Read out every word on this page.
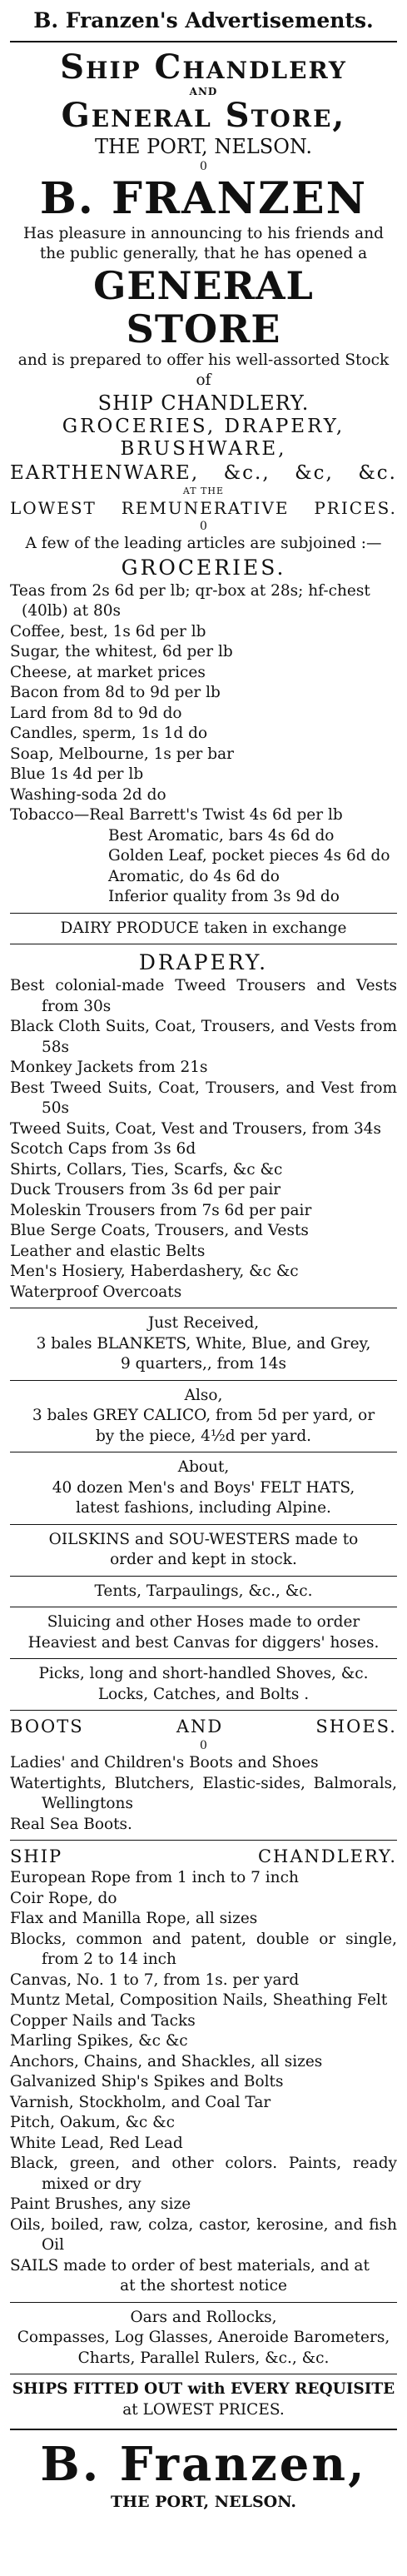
B. Franzen's Advertisements.
Ship Chandlery
AND
General Store,
THE PORT, NELSON.
0
B. FRANZEN
Has pleasure in announcing to his friends and the public generally, that he has opened a
GENERAL STORE
and is prepared to offer his well-assorted Stock of
SHIP CHANDLERY.
GROCERIES, DRAPERY,
BRUSHWARE,
EARTHENWARE, &c., &c, &c.
AT THE
LOWEST REMUNERATIVE PRICES.
0
A few of the leading articles are subjoined :—
GROCERIES.
Teas from 2s 6d per lb; qr-box at 28s; hf-chest
(40lb) at 80s
Coffee, best, 1s 6d per lb
Sugar, the whitest, 6d per lb
Cheese, at market prices
Bacon from 8d to 9d per lb
Lard from 8d to 9d do
Candles, sperm, 1s 1d do
Soap, Melbourne, 1s per bar
Blue 1s 4d per lb
Washing-soda 2d do
Tobacco—Real Barrett's Twist 4s 6d per lb
Best Aromatic, bars 4s 6d do
Golden Leaf, pocket pieces 4s 6d do
Aromatic, do 4s 6d do
Inferior quality from 3s 9d do
DAIRY PRODUCE taken in exchange
DRAPERY.
Best colonial-made Tweed Trousers and Vests from 30s
Black Cloth Suits, Coat, Trousers, and Vests from 58s
Monkey Jackets from 21s
Best Tweed Suits, Coat, Trousers, and Vest from 50s
Tweed Suits, Coat, Vest and Trousers, from 34s
Scotch Caps from 3s 6d
Shirts, Collars, Ties, Scarfs, &c &c
Duck Trousers from 3s 6d per pair
Moleskin Trousers from 7s 6d per pair
Blue Serge Coats, Trousers, and Vests
Leather and elastic Belts
Men's Hosiery, Haberdashery, &c &c
Waterproof Overcoats
Just Received,
3 bales BLANKETS, White, Blue, and Grey,
9 quarters,, from 14s
Also,
3 bales GREY CALICO, from 5d per yard, or
by the piece, 4½d per yard.
About,
40 dozen Men's and Boys' FELT HATS,
latest fashions, including Alpine.
OILSKINS and SOU-WESTERS made to
order and kept in stock.
Tents, Tarpaulings, &c., &c.
Sluicing and other Hoses made to order
Heaviest and best Canvas for diggers' hoses.
Picks, long and short-handled Shoves, &c.
Locks, Catches, and Bolts .
BOOTS	AND	SHOES.
0
Ladies' and Children's Boots and Shoes
Watertights, Blutchers, Elastic-sides, Balmorals, Wellingtons
Real Sea Boots.
SHIP	CHANDLERY.
European Rope from 1 inch to 7 inch
Coir Rope, do
Flax and Manilla Rope, all sizes
Blocks, common and patent, double or single, from 2 to 14 inch
Canvas, No. 1 to 7, from 1s. per yard
Muntz Metal, Composition Nails, Sheathing Felt
Copper Nails and Tacks
Marling Spikes, &c &c
Anchors, Chains, and Shackles, all sizes
Galvanized Ship's Spikes and Bolts
Varnish, Stockholm, and Coal Tar
Pitch, Oakum, &c &c
White Lead, Red Lead
Black, green, and other colors. Paints, ready mixed or dry
Paint Brushes, any size
Oils, boiled, raw, colza, castor, kerosine, and fish Oil
SAILS made to order of best materials, and at
at the shortest notice
Oars and Rollocks,
Compasses, Log Glasses, Aneroide Barometers,
Charts, Parallel Rulers, &c., &c.
SHIPS FITTED OUT with EVERY REQUISITE
at LOWEST PRICES.
B. Franzen,
THE PORT, NELSON.
